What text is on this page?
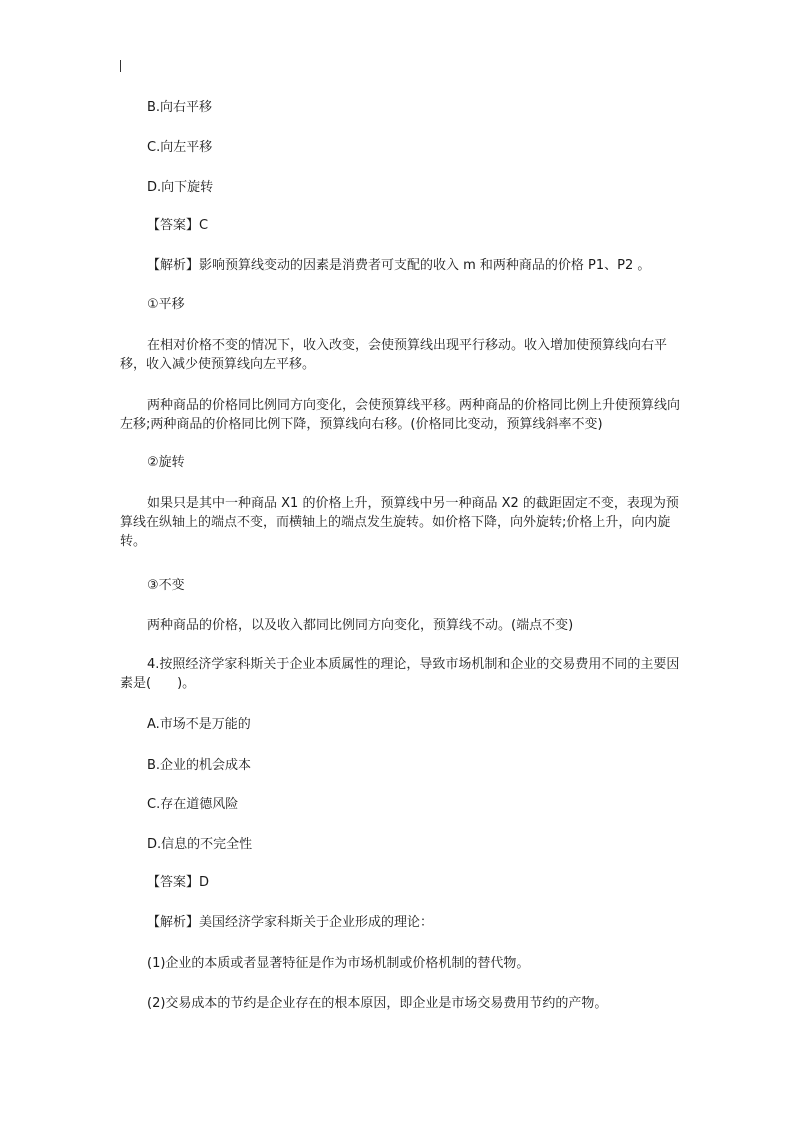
B.向右平移

C.向左平移

D.向下旋转

【答案】C

【解析】影响预算线变动的因素是消费者可支配的收入 m 和两种商品的价格 P1、P2 。

①平移

在相对价格不变的情况下，收入改变，会使预算线出现平行移动。收入增加使预算线向右平移，收入减少使预算线向左平移。

两种商品的价格同比例同方向变化，会使预算线平移。两种商品的价格同比例上升使预算线向左移;两种商品的价格同比例下降，预算线向右移。(价格同比变动，预算线斜率不变)

②旋转

如果只是其中一种商品 X1 的价格上升，预算线中另一种商品 X2 的截距固定不变，表现为预算线在纵轴上的端点不变，而横轴上的端点发生旋转。如价格下降，向外旋转;价格上升，向内旋转。

③不变

两种商品的价格，以及收入都同比例同方向变化，预算线不动。(端点不变)

4.按照经济学家科斯关于企业本质属性的理论，导致市场机制和企业的交易费用不同的主要因素是(　　)。

A.市场不是万能的

B.企业的机会成本

C.存在道德风险

D.信息的不完全性

【答案】D

【解析】美国经济学家科斯关于企业形成的理论：

(1)企业的本质或者显著特征是作为市场机制或价格机制的替代物。

(2)交易成本的节约是企业存在的根本原因，即企业是市场交易费用节约的产物。
